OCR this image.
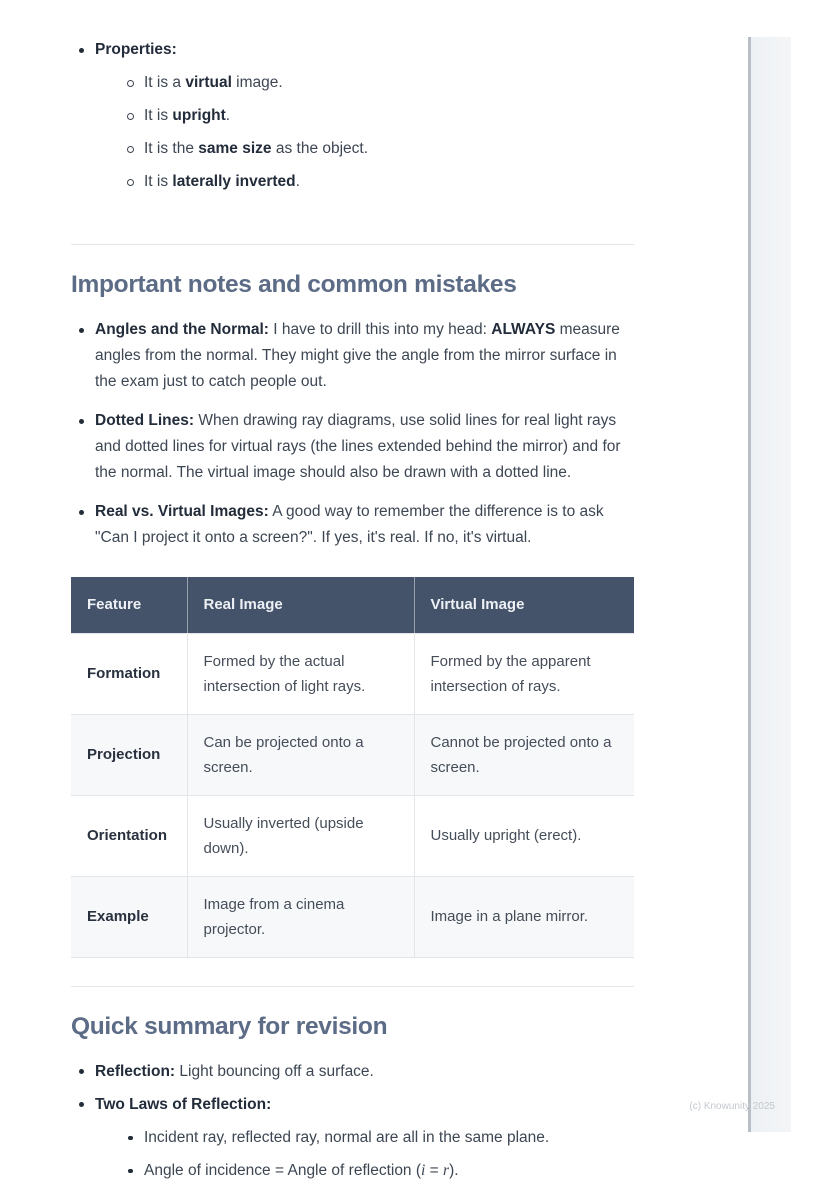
Properties:
It is a virtual image.
It is upright.
It is the same size as the object.
It is laterally inverted.
Important notes and common mistakes
Angles and the Normal: I have to drill this into my head: ALWAYS measure angles from the normal. They might give the angle from the mirror surface in the exam just to catch people out.
Dotted Lines: When drawing ray diagrams, use solid lines for real light rays and dotted lines for virtual rays (the lines extended behind the mirror) and for the normal. The virtual image should also be drawn with a dotted line.
Real vs. Virtual Images: A good way to remember the difference is to ask "Can I project it onto a screen?". If yes, it's real. If no, it's virtual.
Feature	Real Image	Virtual Image
Formation	Formed by the actual intersection of light rays.	Formed by the apparent intersection of rays.
Projection	Can be projected onto a screen.	Cannot be projected onto a screen.
Orientation	Usually inverted (upside down).	Usually upright (erect).
Example	Image from a cinema projector.	Image in a plane mirror.
Quick summary for revision
Reflection: Light bouncing off a surface.
Two Laws of Reflection:
Incident ray, reflected ray, normal are all in the same plane.
Angle of incidence = Angle of reflection (i = r).
(c) Knowunity 2025
